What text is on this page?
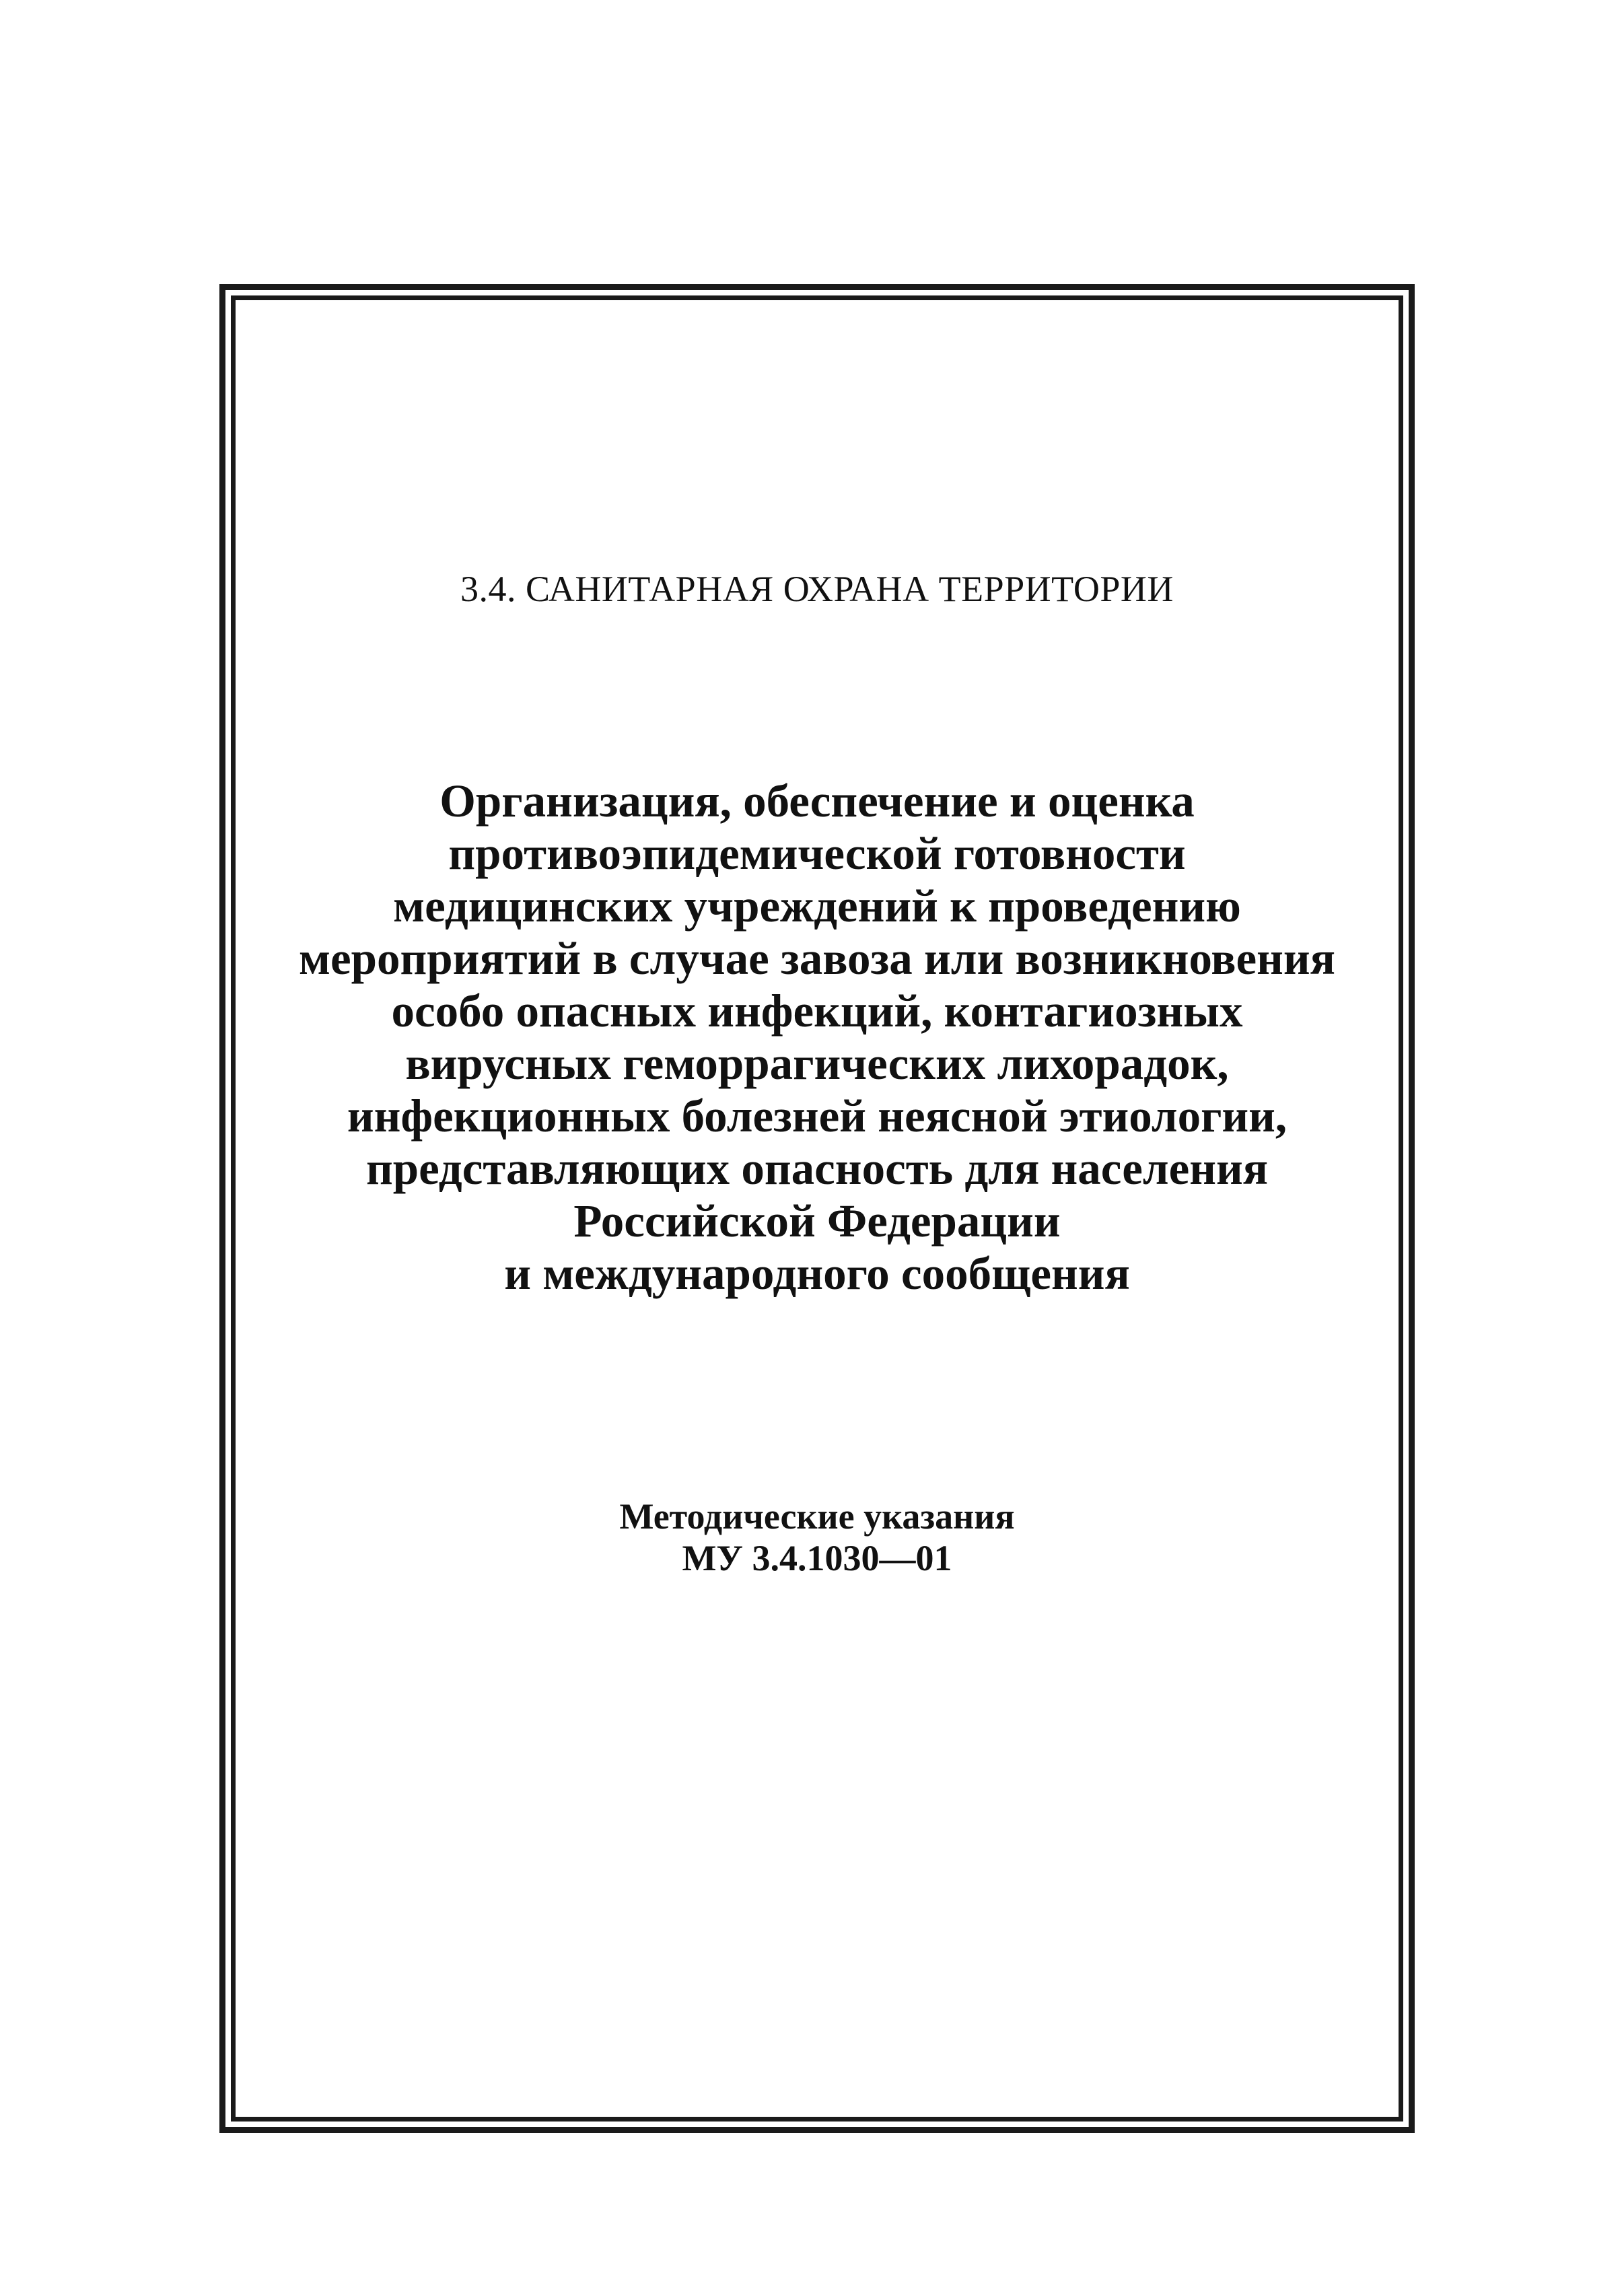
3.4. САНИТАРНАЯ ОХРАНА ТЕРРИТОРИИ
Организация, обеспечение и оценка
противоэпидемической готовности
медицинских учреждений к проведению
мероприятий в случае завоза или возникновения
особо опасных инфекций, контагиозных
вирусных геморрагических лихорадок,
инфекционных болезней неясной этиологии,
представляющих опасность для населения
Российской Федерации
и международного сообщения
Методические указания
МУ 3.4.1030—01
